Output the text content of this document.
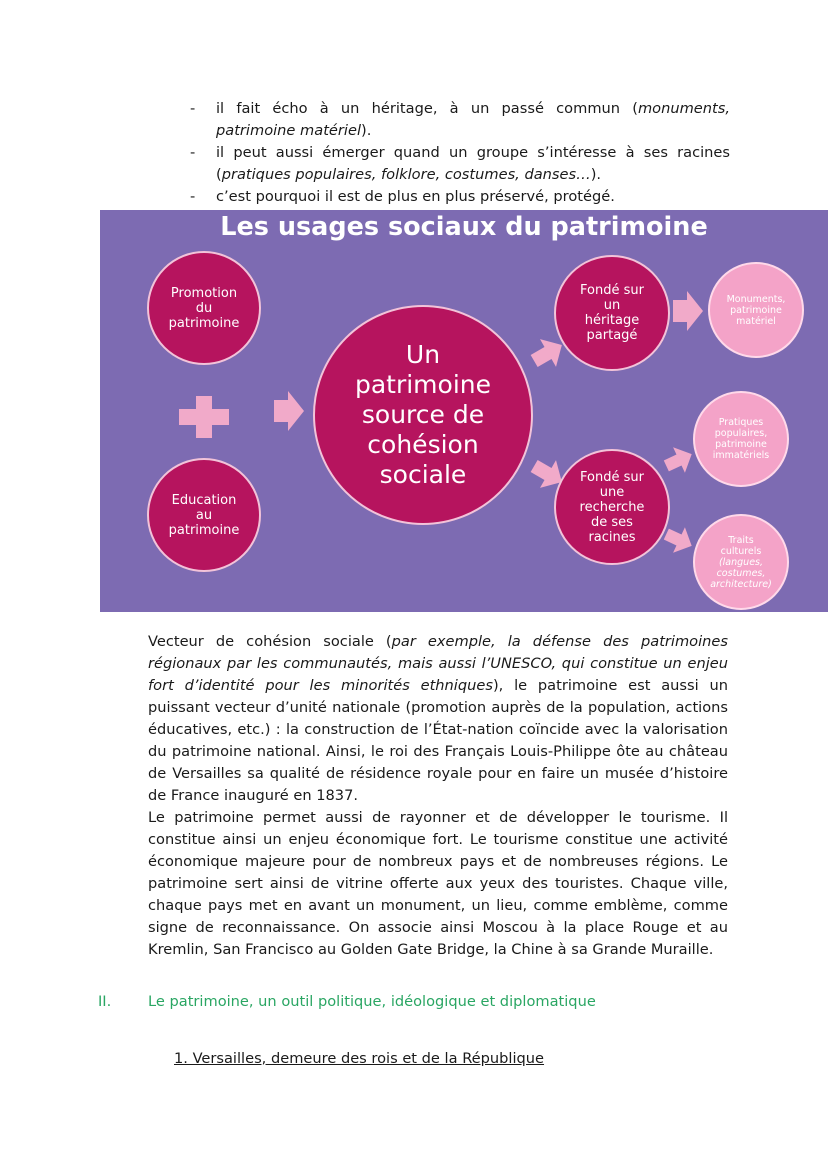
-	il fait écho à un héritage, à un passé commun (monuments, patrimoine matériel).
-	il peut aussi émerger quand un groupe s’intéresse à ses racines (pratiques populaires, folklore, costumes, danses…).
-	c’est pourquoi il est de plus en plus préservé, protégé.
Les usages sociaux du patrimoine
Promotion
du
patrimoine
Education
au
patrimoine
Un
patrimoine
source de
cohésion
sociale
Fondé sur
un
héritage
partagé
Fondé sur
une
recherche
de ses
racines
Monuments,
patrimoine
matériel
Pratiques
populaires,
patrimoine
immatériels
Traits
culturels
(langues,
costumes,
architecture)
Vecteur de cohésion sociale (par exemple, la défense des patrimoines régionaux par les communautés, mais aussi l’UNESCO, qui constitue un enjeu fort d’identité pour les minorités ethniques), le patrimoine est aussi un puissant vecteur d’unité nationale (promotion auprès de la population, actions éducatives, etc.) : la construction de l’État-nation coïncide avec la valorisation du patrimoine national. Ainsi, le roi des Français Louis-Philippe ôte au château de Versailles sa qualité de résidence royale pour en faire un musée d’histoire de France inauguré en 1837.
Le patrimoine permet aussi de rayonner et de développer le tourisme. Il constitue ainsi un enjeu économique fort. Le tourisme constitue une activité économique majeure pour de nombreux pays et de nombreuses régions. Le patrimoine sert ainsi de vitrine offerte aux yeux des touristes. Chaque ville, chaque pays met en avant un monument, un lieu, comme emblème, comme signe de reconnaissance. On associe ainsi Moscou à la place Rouge et au Kremlin, San Francisco au Golden Gate Bridge, la Chine à sa Grande Muraille.
II.	Le patrimoine, un outil politique, idéologique et diplomatique
1. Versailles, demeure des rois et de la République
